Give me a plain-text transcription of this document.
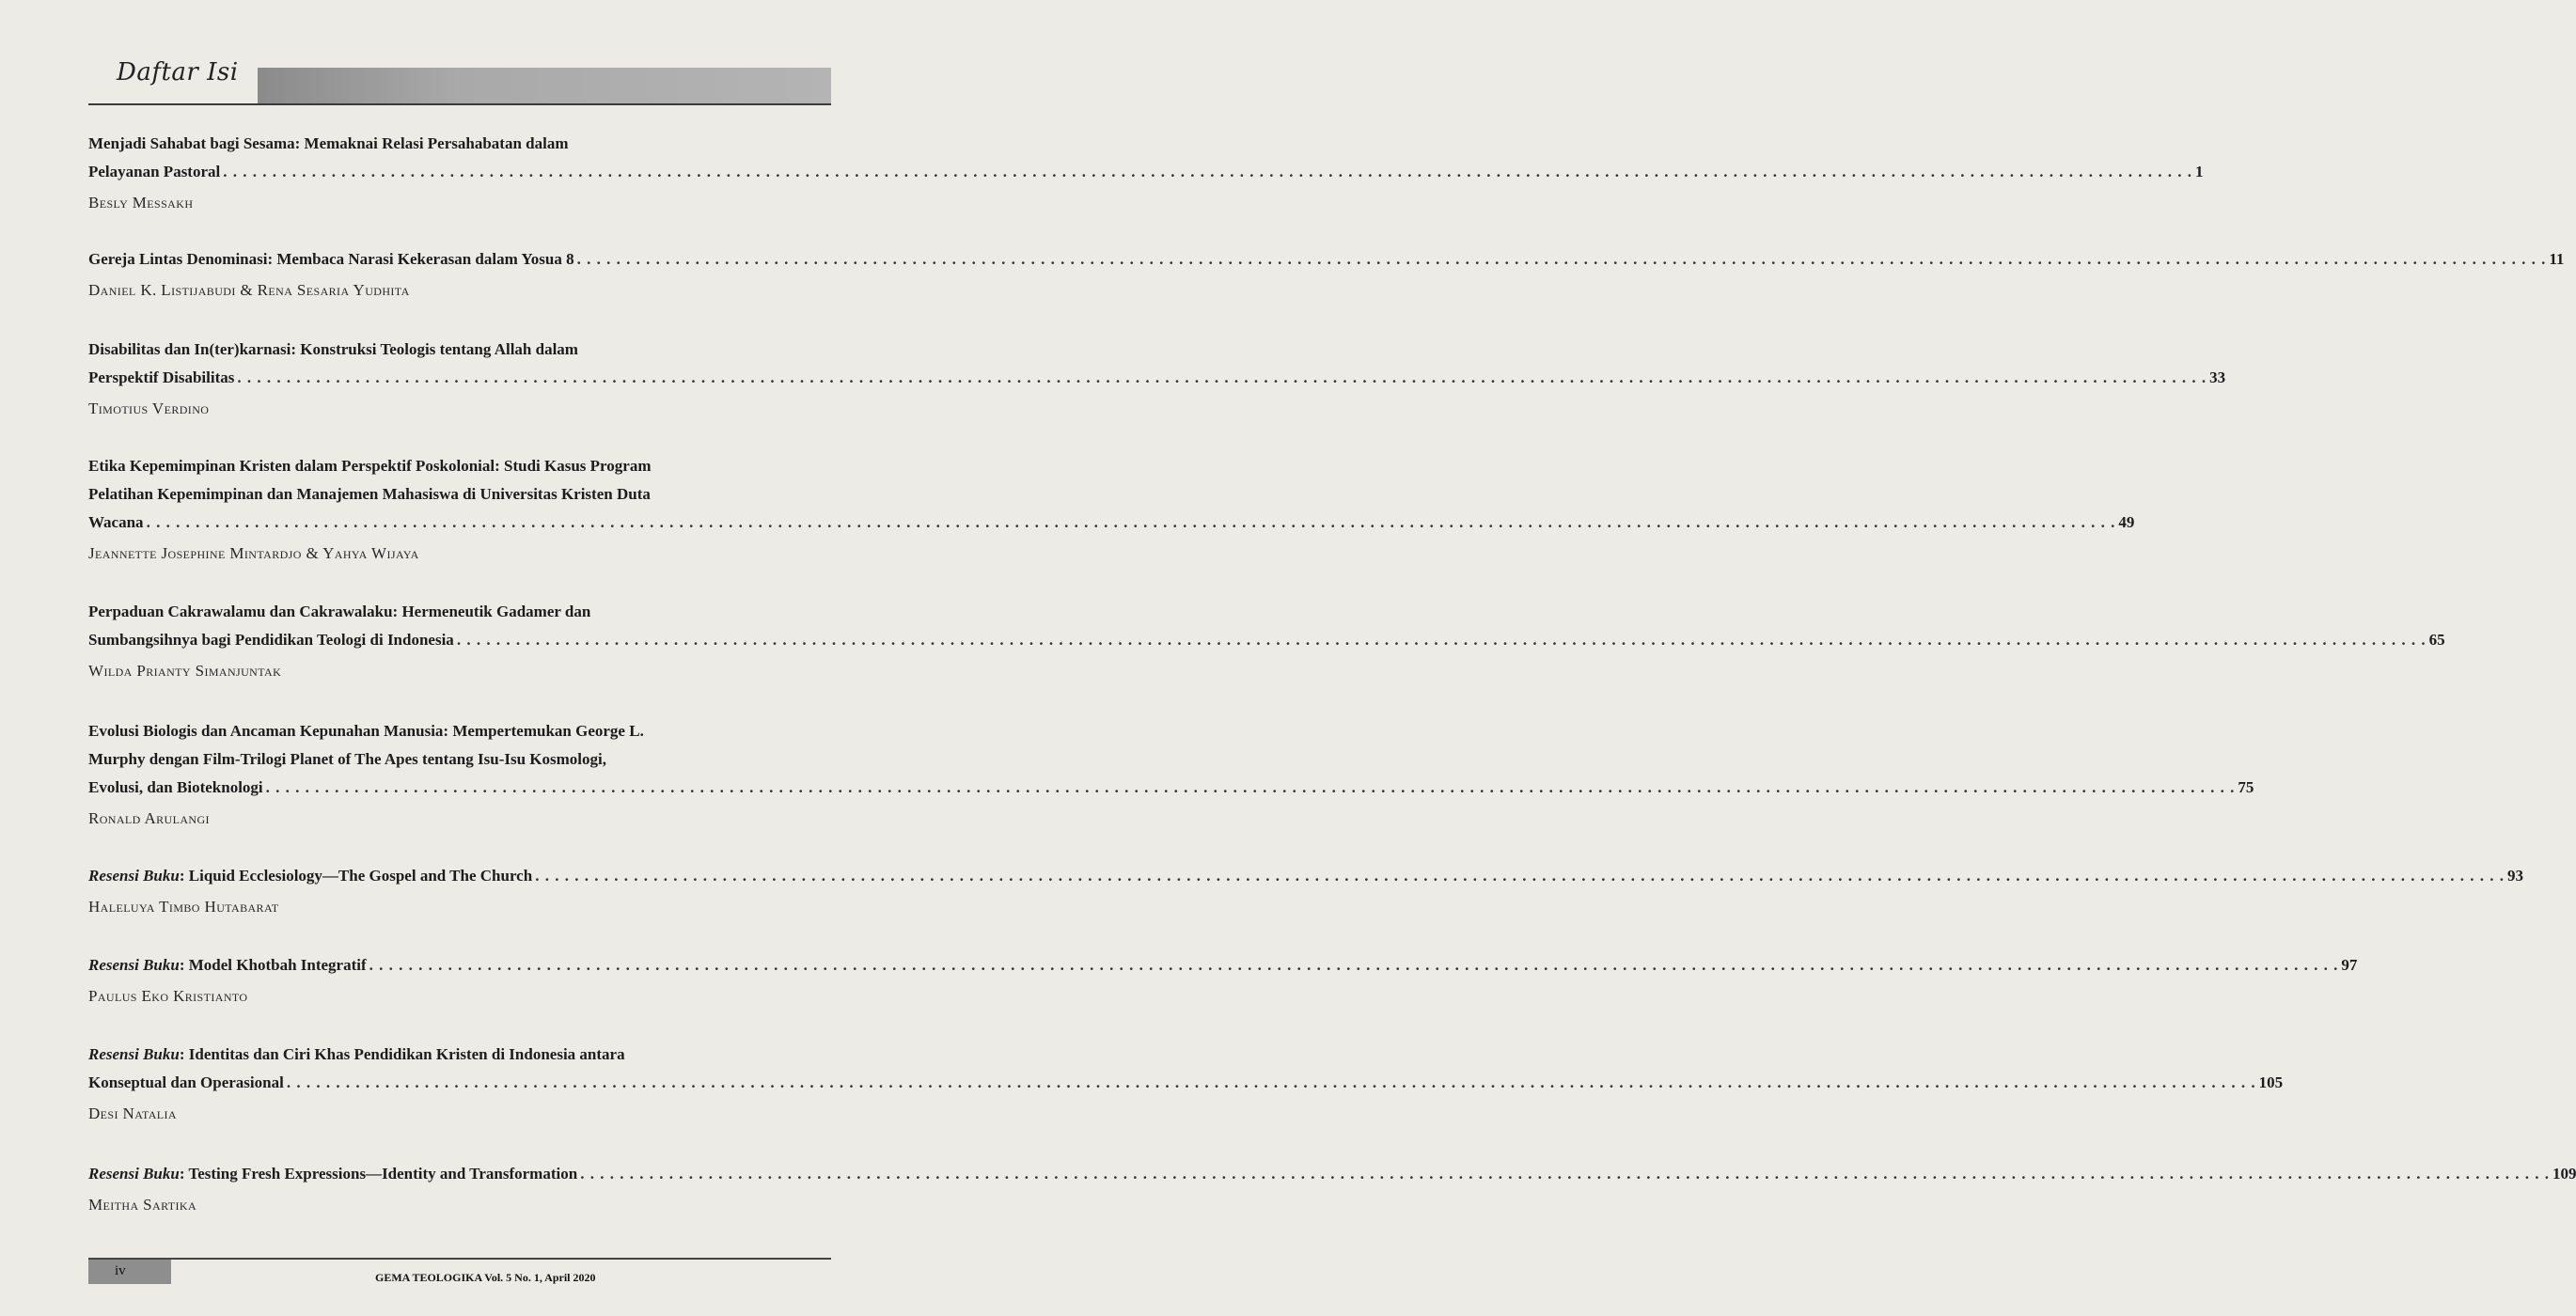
Daftar Isi
Menjadi Sahabat bagi Sesama: Memaknai Relasi Persahabatan dalam
Pelayanan Pastoral . . . . . . . . . . . . . . . . . . . . . . . . . . . . . . . . . . . . . . . . . . . . . . . . . . . . . . . . . . . . . . . . . . . . . . . . . . . . . . . . . . . . . . . . . . . . . . . . . . . . . . . . . . . . . . . . . . . . . . . . . . . . . . . . . . . . . . . . . . . . . . . . . . . . . . . . . . . . . . . . . . . . . . . . . . . . . . . . . . . . . . . . . . . . . . . . . . . . . . . . 1
Besly Messakh
Gereja Lintas Denominasi: Membaca Narasi Kekerasan dalam Yosua 8 . . . . . . . . . . . . . . . . . . . . . . . . . . . . . . . . . . . . . . . . . . . . . . . . . . . . . . . . . . . . . . . . . . . . . . . . . . . . . . . . . . . . . . . . . . . . . . . . . . . . . . . . . . . . . . . . . . . . . . . . . . . . . . . . . . . . . . . . . . . . . . . . . . . . . . . . . . . . . . . . . . . . . . . . . . . . . . . . . . . . . . . . . . . . . . . . . . . . . . . . 11
Daniel K. Listijabudi & Rena Sesaria Yudhita
Disabilitas dan In(ter)karnasi: Konstruksi Teologis tentang Allah dalam
Perspektif Disabilitas . . . . . . . . . . . . . . . . . . . . . . . . . . . . . . . . . . . . . . . . . . . . . . . . . . . . . . . . . . . . . . . . . . . . . . . . . . . . . . . . . . . . . . . . . . . . . . . . . . . . . . . . . . . . . . . . . . . . . . . . . . . . . . . . . . . . . . . . . . . . . . . . . . . . . . . . . . . . . . . . . . . . . . . . . . . . . . . . . . . . . . . . . . . . . . . . . . . . . . . . 33
Timotius Verdino
Etika Kepemimpinan Kristen dalam Perspektif Poskolonial: Studi Kasus Program
Pelatihan Kepemimpinan dan Manajemen Mahasiswa di Universitas Kristen Duta
Wacana . . . . . . . . . . . . . . . . . . . . . . . . . . . . . . . . . . . . . . . . . . . . . . . . . . . . . . . . . . . . . . . . . . . . . . . . . . . . . . . . . . . . . . . . . . . . . . . . . . . . . . . . . . . . . . . . . . . . . . . . . . . . . . . . . . . . . . . . . . . . . . . . . . . . . . . . . . . . . . . . . . . . . . . . . . . . . . . . . . . . . . . . . . . . . . . . . . . . . . . . 49
Jeannette Josephine Mintardjo & Yahya Wijaya
Perpaduan Cakrawalamu dan Cakrawalaku: Hermeneutik Gadamer dan
Sumbangsihnya bagi Pendidikan Teologi di Indonesia . . . . . . . . . . . . . . . . . . . . . . . . . . . . . . . . . . . . . . . . . . . . . . . . . . . . . . . . . . . . . . . . . . . . . . . . . . . . . . . . . . . . . . . . . . . . . . . . . . . . . . . . . . . . . . . . . . . . . . . . . . . . . . . . . . . . . . . . . . . . . . . . . . . . . . . . . . . . . . . . . . . . . . . . . . . . . . . . . . . . . . . . . . . . . . . . . . . . . . . . 65
Wilda Prianty Simanjuntak
Evolusi Biologis dan Ancaman Kepunahan Manusia: Mempertemukan George L.
Murphy dengan Film-Trilogi Planet of The Apes tentang Isu-Isu Kosmologi,
Evolusi, dan Bioteknologi . . . . . . . . . . . . . . . . . . . . . . . . . . . . . . . . . . . . . . . . . . . . . . . . . . . . . . . . . . . . . . . . . . . . . . . . . . . . . . . . . . . . . . . . . . . . . . . . . . . . . . . . . . . . . . . . . . . . . . . . . . . . . . . . . . . . . . . . . . . . . . . . . . . . . . . . . . . . . . . . . . . . . . . . . . . . . . . . . . . . . . . . . . . . . . . . . . . . . . . . 75
Ronald Arulangi
Resensi Buku: Liquid Ecclesiology—The Gospel and The Church . . . . . . . . . . . . . . . . . . . . . . . . . . . . . . . . . . . . . . . . . . . . . . . . . . . . . . . . . . . . . . . . . . . . . . . . . . . . . . . . . . . . . . . . . . . . . . . . . . . . . . . . . . . . . . . . . . . . . . . . . . . . . . . . . . . . . . . . . . . . . . . . . . . . . . . . . . . . . . . . . . . . . . . . . . . . . . . . . . . . . . . . . . . . . . . . . . . . . . . . 93
Haleluya Timbo Hutabarat
Resensi Buku: Model Khotbah Integratif . . . . . . . . . . . . . . . . . . . . . . . . . . . . . . . . . . . . . . . . . . . . . . . . . . . . . . . . . . . . . . . . . . . . . . . . . . . . . . . . . . . . . . . . . . . . . . . . . . . . . . . . . . . . . . . . . . . . . . . . . . . . . . . . . . . . . . . . . . . . . . . . . . . . . . . . . . . . . . . . . . . . . . . . . . . . . . . . . . . . . . . . . . . . . . . . . . . . . . . . 97
Paulus Eko Kristianto
Resensi Buku: Identitas dan Ciri Khas Pendidikan Kristen di Indonesia antara
Konseptual dan Operasional . . . . . . . . . . . . . . . . . . . . . . . . . . . . . . . . . . . . . . . . . . . . . . . . . . . . . . . . . . . . . . . . . . . . . . . . . . . . . . . . . . . . . . . . . . . . . . . . . . . . . . . . . . . . . . . . . . . . . . . . . . . . . . . . . . . . . . . . . . . . . . . . . . . . . . . . . . . . . . . . . . . . . . . . . . . . . . . . . . . . . . . . . . . . . . . . . . . . . . . . 105
Desi Natalia
Resensi Buku: Testing Fresh Expressions—Identity and Transformation . . . . . . . . . . . . . . . . . . . . . . . . . . . . . . . . . . . . . . . . . . . . . . . . . . . . . . . . . . . . . . . . . . . . . . . . . . . . . . . . . . . . . . . . . . . . . . . . . . . . . . . . . . . . . . . . . . . . . . . . . . . . . . . . . . . . . . . . . . . . . . . . . . . . . . . . . . . . . . . . . . . . . . . . . . . . . . . . . . . . . . . . . . . . . . . . . . . . . . . . 109
Meitha Sartika
iv	GEMA TEOLOGIKA Vol. 5 No. 1, April 2020
